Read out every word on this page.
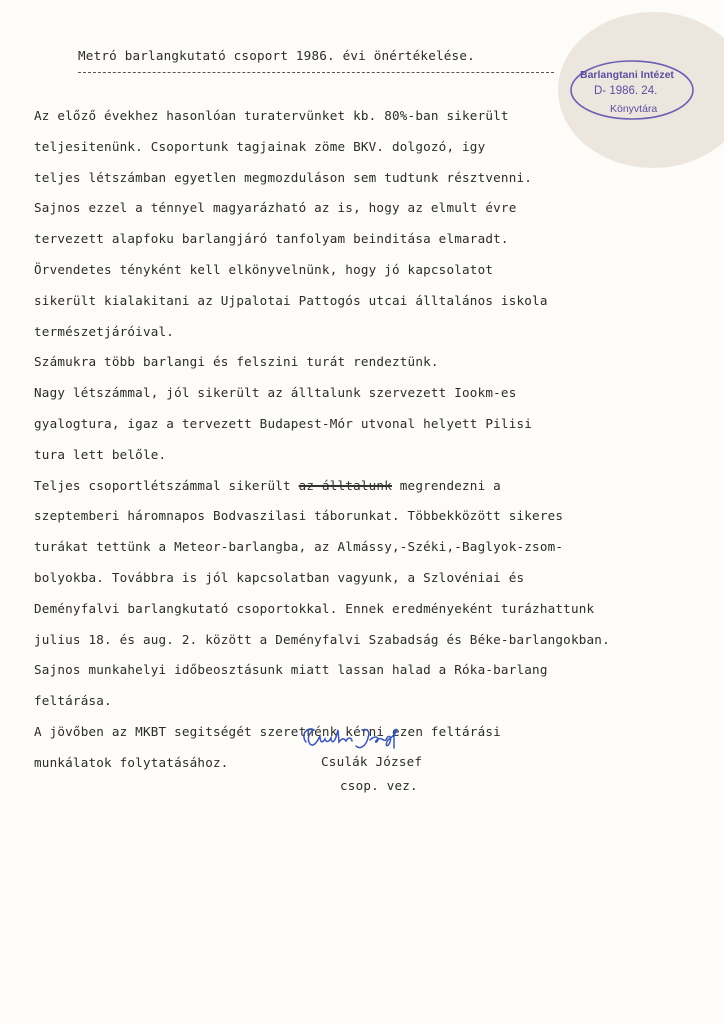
Barlangtani Intézet
D- 1986. 24.
Könyvtára
Metró barlangkutató csoport 1986. évi önértékelése.
Az előző évekhez hasonlóan turatervünket kb. 80%-ban sikerült
teljesitenünk. Csoportunk tagjainak zöme BKV. dolgozó, igy
teljes létszámban egyetlen megmozduláson sem tudtunk résztvenni.
Sajnos ezzel a ténnyel magyarázható az is, hogy az elmult évre
tervezett alapfoku barlangjáró tanfolyam beinditása elmaradt.
Örvendetes tényként kell elkönyvelnünk, hogy jó kapcsolatot
sikerült kialakitani az Ujpalotai Pattogós utcai álltalános iskola
természetjáróival.
Számukra több barlangi és felszini turát rendeztünk.
Nagy létszámmal, jól sikerült az álltalunk szervezett Iookm-es
gyalogtura, igaz a tervezett Budapest-Mór utvonal helyett Pilisi
tura lett belőle.
Teljes csoportlétszámmal sikerült az álltalunk megrendezni a
szeptemberi háromnapos Bodvaszilasi táborunkat. Többekközött sikeres
turákat tettünk a Meteor-barlangba, az Almássy,-Széki,-Baglyok-zsom-
bolyokba. Továbbra is jól kapcsolatban vagyunk, a Szlovéniai és
Deményfalvi barlangkutató csoportokkal. Ennek eredményeként turázhattunk
julius 18. és aug. 2. között a Deményfalvi Szabadság és Béke-barlangokban.
Sajnos munkahelyi időbeosztásunk miatt lassan halad a Róka-barlang
feltárása.
A jövőben az MKBT segitségét szeretnénk kérni ezen feltárási
munkálatok folytatásához.	Csulák József
csop. vez.
